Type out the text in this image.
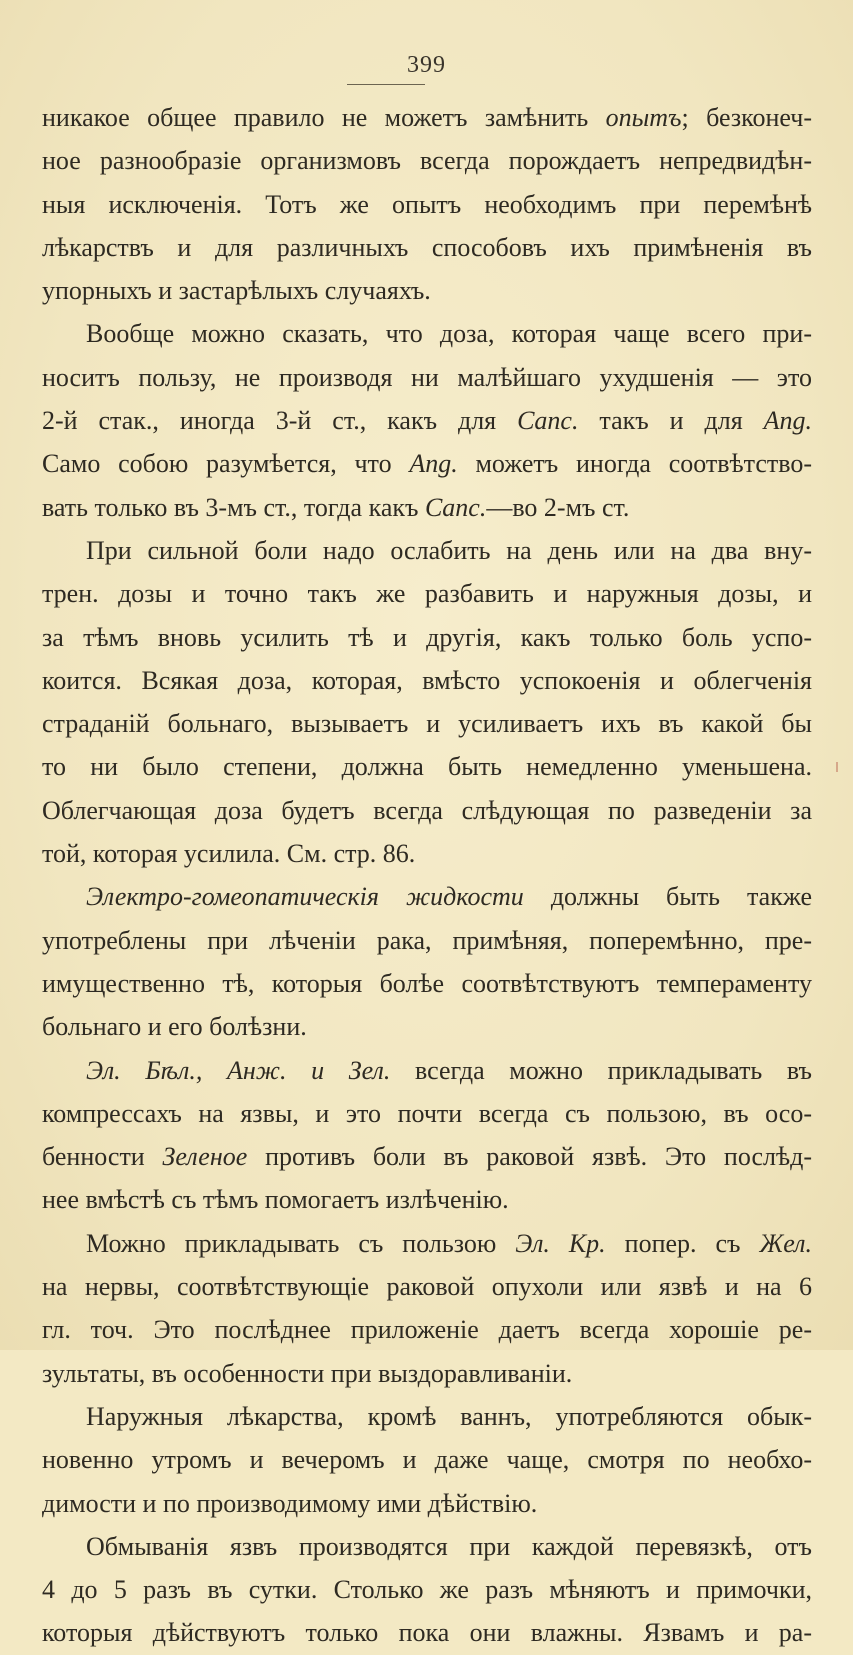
399
никакое общее правило не можетъ замѣнить опытъ; безконеч-
ное разнообразіе организмовъ всегда порождаетъ непредвидѣн-
ныя исключенія. Тотъ же опытъ необходимъ при перемѣнѣ
лѣкарствъ и для различныхъ способовъ ихъ примѣненія въ
упорныхъ и застарѣлыхъ случаяхъ.
Вообще можно сказать, что доза, которая чаще всего при-
носитъ пользу, не производя ни малѣйшаго ухудшенія — это
2-й стак., иногда 3-й ст., какъ для Canc. такъ и для Ang.
Само собою разумѣется, что Ang. можетъ иногда соотвѣтство-
вать только въ 3-мъ ст., тогда какъ Canc.—во 2-мъ ст.
При сильной боли надо ослабить на день или на два вну-
трен. дозы и точно такъ же разбавить и наружныя дозы, и
за тѣмъ вновь усилить тѣ и другія, какъ только боль успо-
коится. Всякая доза, которая, вмѣсто успокоенія и облегченія
страданій больнаго, вызываетъ и усиливаетъ ихъ въ какой бы
то ни было степени, должна быть немедленно уменьшена.
Облегчающая доза будетъ всегда слѣдующая по разведеніи за
той, которая усилила. См. стр. 86.
Электро-гомеопатическія жидкости должны быть также
употреблены при лѣченіи рака, примѣняя, поперемѣнно, пре-
имущественно тѣ, которыя болѣе соотвѣтствуютъ темпераменту
больнаго и его болѣзни.
Эл. Бѣл., Анж. и Зел. всегда можно прикладывать въ
компрессахъ на язвы, и это почти всегда съ пользою, въ осо-
бенности Зеленое противъ боли въ раковой язвѣ. Это послѣд-
нее вмѣстѣ съ тѣмъ помогаетъ излѣченію.
Можно прикладывать съ пользою Эл. Кр. попер. съ Жел.
на нервы, соотвѣтствующіе раковой опухоли или язвѣ и на 6
гл. точ. Это послѣднее приложеніе даетъ всегда хорошіе ре-
зультаты, въ особенности при выздоравливаніи.
Наружныя лѣкарства, кромѣ ваннъ, употребляются обык-
новенно утромъ и вечеромъ и даже чаще, смотря по необхо-
димости и по производимому ими дѣйствію.
Обмыванія язвъ производятся при каждой перевязкѣ, отъ
4 до 5 разъ въ сутки. Столько же разъ мѣняютъ и примочки,
которыя дѣйствуютъ только пока они влажны. Язвамъ и ра-
